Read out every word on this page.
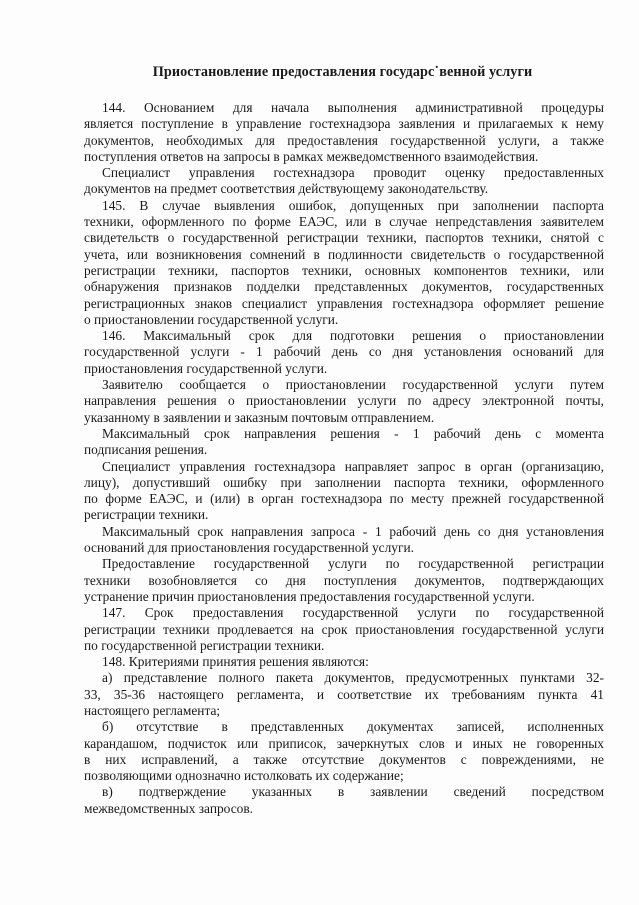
Приостановление предоставления государс˙венной услуги
144. Основанием для начала выполнения административной процедуры
является поступление в управление гостехнадзора заявления и прилагаемых к нему
документов, необходимых для предоставления государственной услуги, а также
поступления ответов на запросы в рамках межведомственного взаимодействия.
Специалист управления гостехнадзора проводит оценку предоставленных
документов на предмет соответствия действующему законодательству.
145. В случае выявления ошибок, допущенных при заполнении паспорта
техники, оформленного по форме ЕАЭС, или в случае непредставления заявителем
свидетельств о государственной регистрации техники, паспортов техники, снятой с
учета, или возникновения сомнений в подлинности свидетельств о государственной
регистрации техники, паспортов техники, основных компонентов техники, или
обнаружения признаков подделки представленных документов, государственных
регистрационных знаков специалист управления гостехнадзора оформляет решение
о приостановлении государственной услуги.
146. Максимальный срок для подготовки решения о приостановлении
государственной услуги - 1 рабочий день со дня установления оснований для
приостановления государственной услуги.
Заявителю сообщается о приостановлении государственной услуги путем
направления решения о приостановлении услуги по адресу электронной почты,
указанному в заявлении и заказным почтовым отправлением.
Максимальный срок направления решения - 1 рабочий день с момента
подписания решения.
Специалист управления гостехнадзора направляет запрос в орган (организацию,
лицу), допустивший ошибку при заполнении паспорта техники, оформленного
по форме ЕАЭС, и (или) в орган гостехнадзора по месту прежней государственной
регистрации техники.
Максимальный срок направления запроса - 1 рабочий день со дня установления
оснований для приостановления государственной услуги.
Предоставление государственной услуги по государственной регистрации
техники возобновляется со дня поступления документов, подтверждающих
устранение причин приостановления предоставления государственной услуги.
147. Срок предоставления государственной услуги по государственной
регистрации техники продлевается на срок приостановления государственной услуги
по государственной регистрации техники.
148. Критериями принятия решения являются:
а) представление полного пакета документов, предусмотренных пунктами 32-
33, 35-36 настоящего регламента, и соответствие их требованиям пункта 41
настоящего регламента;
б) отсутствие в представленных документах записей, исполненных
карандашом, подчисток или приписок, зачеркнутых слов и иных не говоренных
в них исправлений, а также отсутствие документов с повреждениями, не
позволяющими однозначно истолковать их содержание;
в) подтверждение указанных в заявлении сведений посредством
межведомственных запросов.
